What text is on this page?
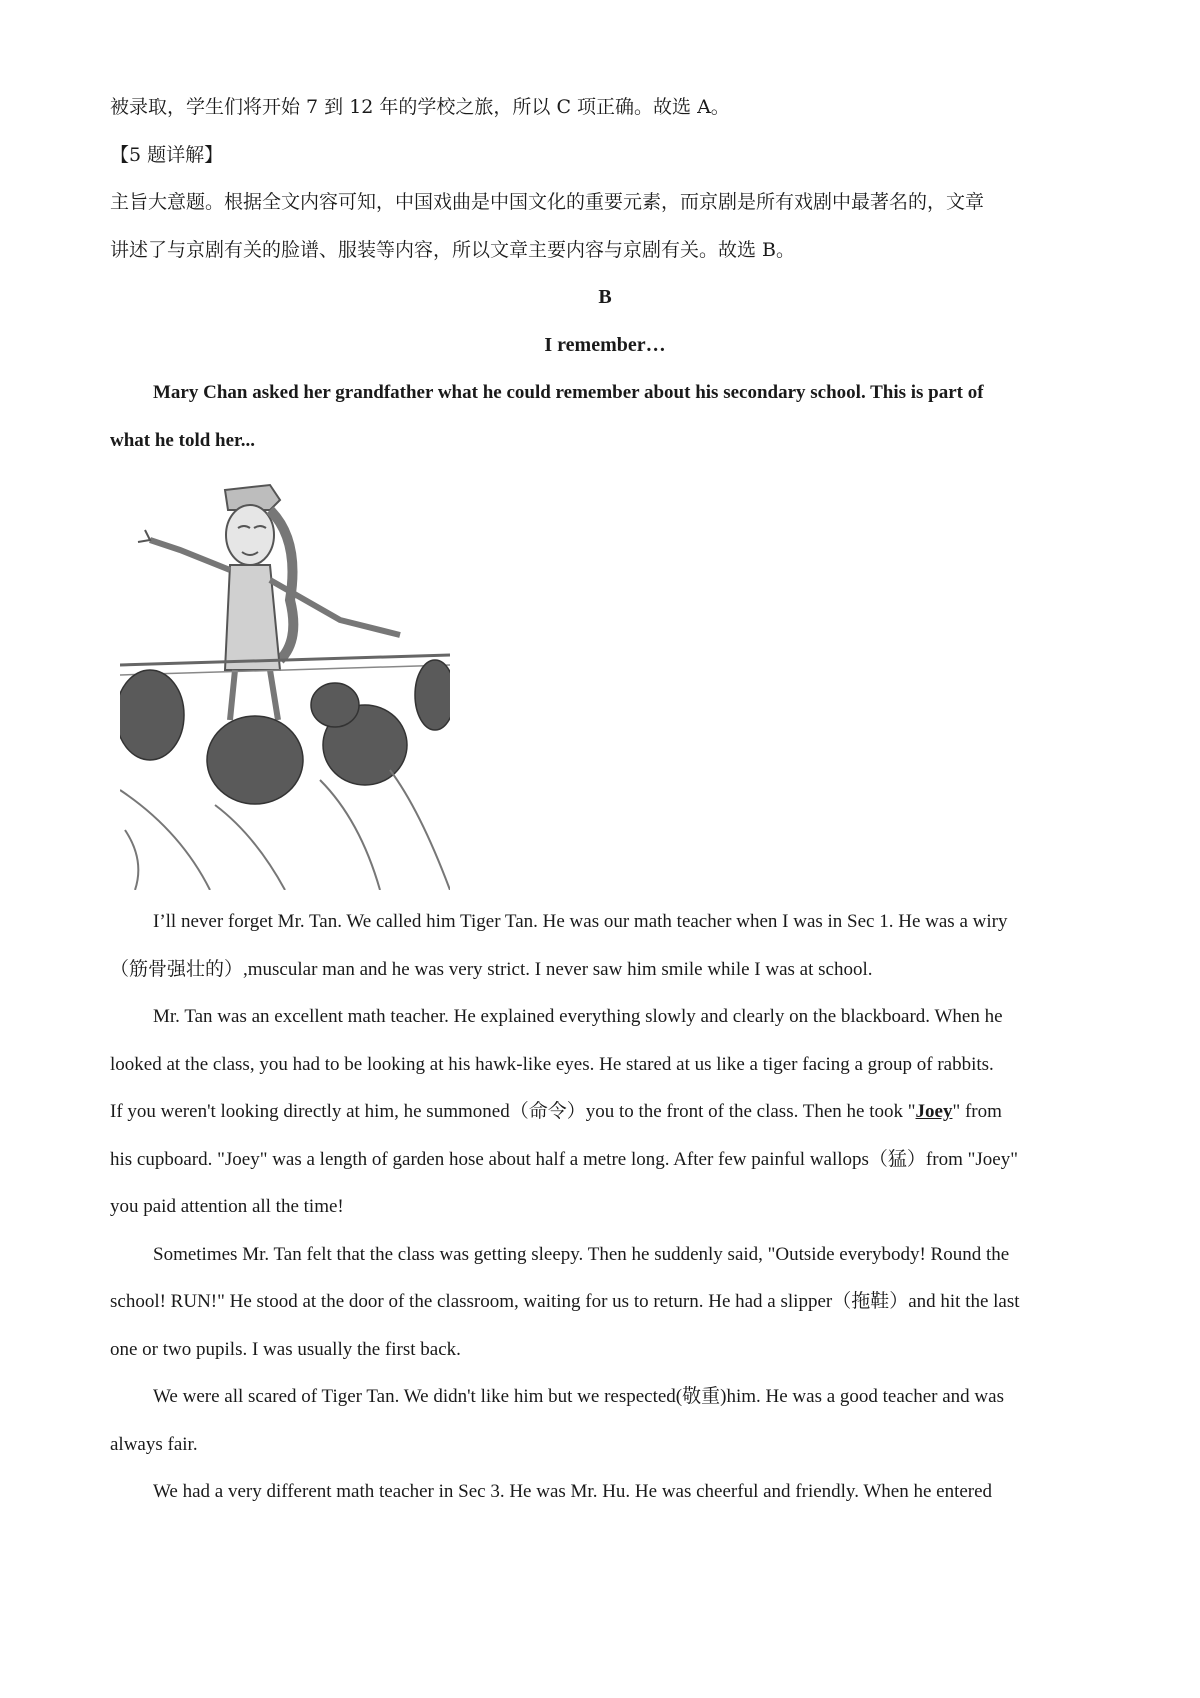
被录取，学生们将开始 7 到 12 年的学校之旅，所以 C 项正确。故选 A。

【5 题详解】

主旨大意题。根据全文内容可知，中国戏曲是中国文化的重要元素，而京剧是所有戏剧中最著名的，文章

讲述了与京剧有关的脸谱、服装等内容，所以文章主要内容与京剧有关。故选 B。

B

I remember…

Mary Chan asked her grandfather what he could remember about his secondary school. This is part of

what he told her...

I’ll never forget Mr. Tan. We called him Tiger Tan. He was our math teacher when I was in Sec 1. He was a wiry

（筋骨强壮的）,muscular man and he was very strict. I never saw him smile while I was at school.

Mr. Tan was an excellent math teacher. He explained everything slowly and clearly on the blackboard. When he

looked at the class, you had to be looking at his hawk-like eyes. He stared at us like a tiger facing a group of rabbits.

If you weren't looking directly at him, he summoned（命令）you to the front of the class. Then he took "Joey" from

his cupboard. "Joey" was a length of garden hose about half a metre long. After few painful wallops（猛）from "Joey"

you paid attention all the time!

Sometimes Mr. Tan felt that the class was getting sleepy. Then he suddenly said, "Outside everybody! Round the

school! RUN!" He stood at the door of the classroom, waiting for us to return. He had a slipper（拖鞋）and hit the last

one or two pupils. I was usually the first back.

We were all scared of Tiger Tan. We didn't like him but we respected(敬重)him. He was a good teacher and was

always fair.

We had a very different math teacher in Sec 3. He was Mr. Hu. He was cheerful and friendly. When he entered
